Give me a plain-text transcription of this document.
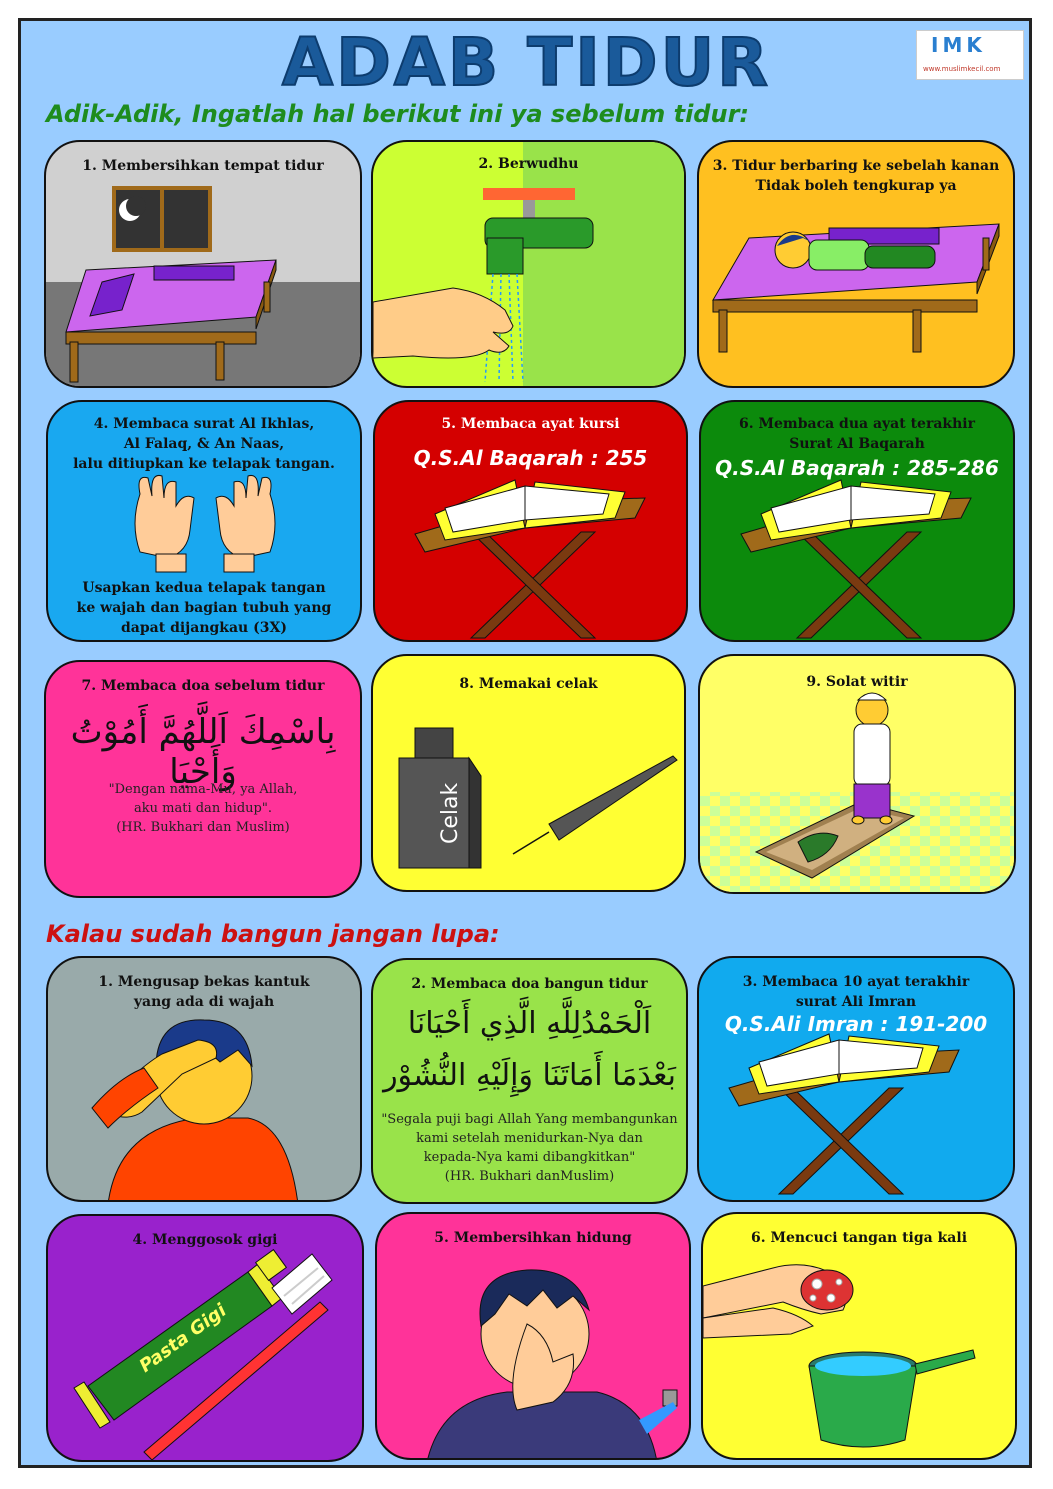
ADAB TIDUR	IMK
www.muslimkecil.com
Adik-Adik, Ingatlah hal berikut ini ya sebelum tidur:
1. Membersihkan tempat tidur	2. Berwudhu	3. Tidur berbaring ke sebelah kanan
Tidak boleh tengkurap ya
4. Membaca surat Al Ikhlas,
Al Falaq, & An Naas,
lalu ditiupkan ke telapak tangan.
Usapkan kedua telapak tangan
ke wajah dan bagian tubuh yang
dapat dijangkau (3X)
5. Membaca ayat kursi
Q.S.Al Baqarah : 255
6. Membaca dua ayat terakhir
Surat Al Baqarah
Q.S.Al Baqarah : 285-286
7. Membaca doa sebelum tidur
بِاسْمِكَ اَللَّهُمَّ أَمُوْتُ وَأَحْيَا
"Dengan nama-Mu, ya Allah,
aku mati dan hidup".
(HR. Bukhari dan Muslim)	Celak
8. Memakai celak	9. Solat witir
Kalau sudah bangun jangan lupa:
1. Mengusap bekas kantuk
yang ada di wajah
2. Membaca doa bangun tidur
اَلْحَمْدُلِلَّهِ الَّذِي أَحْيَانَا
بَعْدَمَا أَمَاتَنَا وَإِلَيْهِ النُّشُوْر
"Segala puji bagi Allah Yang membangunkan
kami setelah menidurkan-Nya dan
kepada-Nya kami dibangkitkan"
(HR. Bukhari danMuslim)
3. Membaca 10 ayat terakhir
surat Ali Imran
Q.S.Ali Imran : 191-200
Pasta Gigi
4. Menggosok gigi	5. Membersihkan hidung	6. Mencuci tangan tiga kali
